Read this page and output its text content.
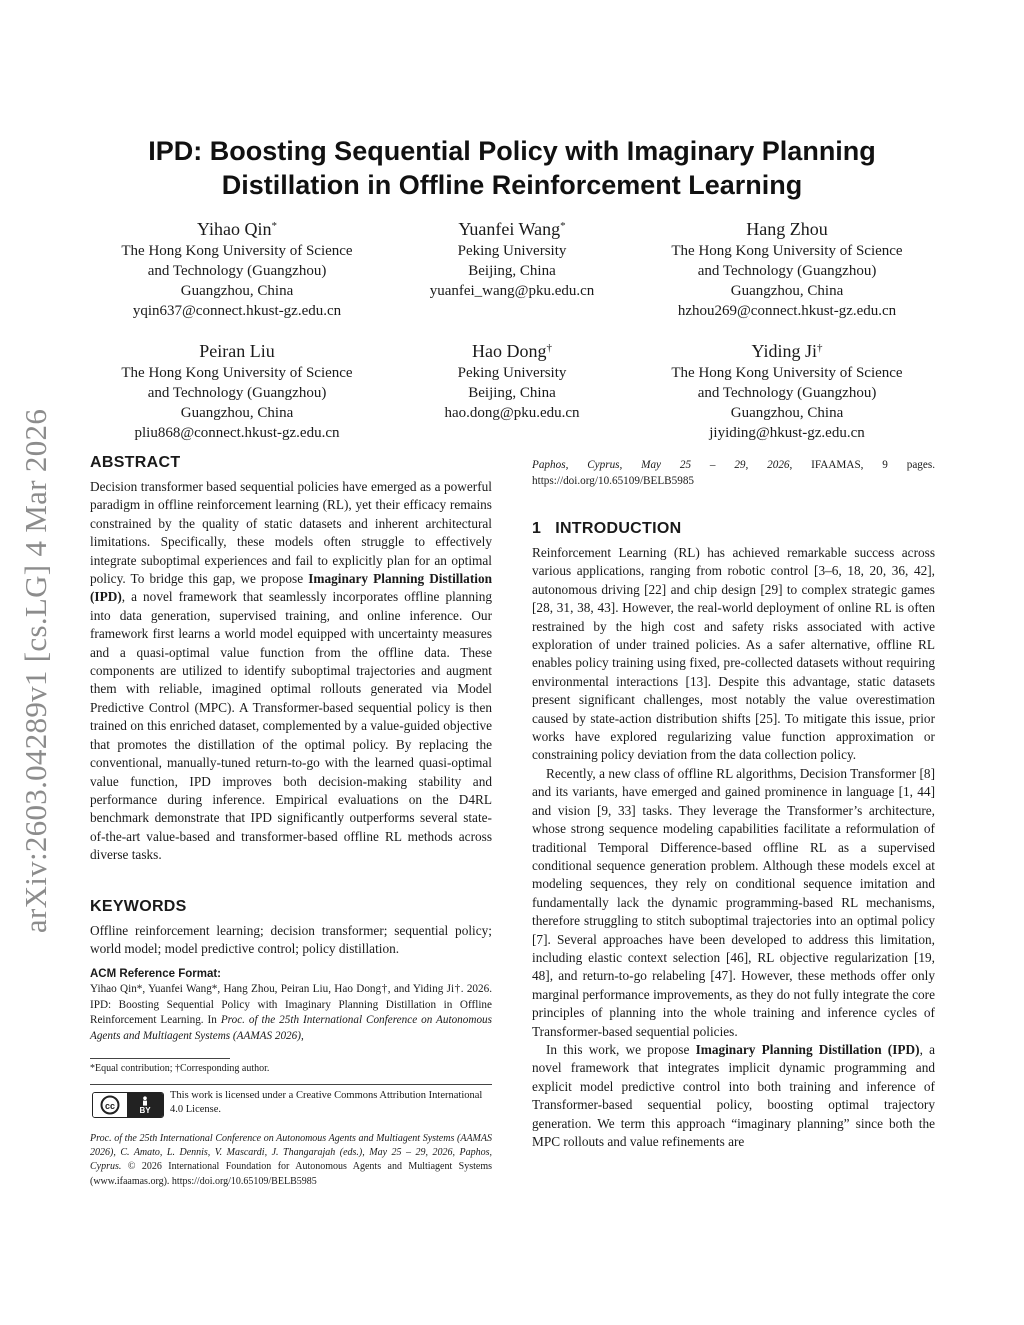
arXiv:2603.04289v1 [cs.LG] 4 Mar 2026
IPD: Boosting Sequential Policy with Imaginary Planning
Distillation in Offline Reinforcement Learning
Yihao Qin*
The Hong Kong University of Science
and Technology (Guangzhou)
Guangzhou, China
yqin637@connect.hkust-gz.edu.cn
Yuanfei Wang*
Peking University
Beijing, China
yuanfei_wang@pku.edu.cn
Hang Zhou
The Hong Kong University of Science
and Technology (Guangzhou)
Guangzhou, China
hzhou269@connect.hkust-gz.edu.cn
Peiran Liu
The Hong Kong University of Science
and Technology (Guangzhou)
Guangzhou, China
pliu868@connect.hkust-gz.edu.cn
Hao Dong†
Peking University
Beijing, China
hao.dong@pku.edu.cn
Yiding Ji†
The Hong Kong University of Science
and Technology (Guangzhou)
Guangzhou, China
jiyiding@hkust-gz.edu.cn
ABSTRACT

Decision transformer based sequential policies have emerged as a powerful paradigm in offline reinforcement learning (RL), yet their efficacy remains constrained by the quality of static datasets and inherent architectural limitations. Specifically, these models often struggle to effectively integrate suboptimal experiences and fail to explicitly plan for an optimal policy. To bridge this gap, we propose Imaginary Planning Distillation (IPD), a novel framework that seamlessly incorporates offline planning into data generation, supervised training, and online inference. Our framework first learns a world model equipped with uncertainty measures and a quasi-optimal value function from the offline data. These components are utilized to identify suboptimal trajectories and augment them with reliable, imagined optimal rollouts generated via Model Predictive Control (MPC). A Transformer-based sequential policy is then trained on this enriched dataset, complemented by a value-guided objective that promotes the distillation of the optimal policy. By replacing the conventional, manually-tuned return-to-go with the learned quasi-optimal value function, IPD improves both decision-making stability and performance during inference. Empirical evaluations on the D4RL benchmark demonstrate that IPD significantly outperforms several state-of-the-art value-based and transformer-based offline RL methods across diverse tasks.

KEYWORDS

Offline reinforcement learning; decision transformer; sequential policy; world model; model predictive control; policy distillation.

ACM Reference Format:

Yihao Qin*, Yuanfei Wang*, Hang Zhou, Peiran Liu, Hao Dong†, and Yiding Ji†. 2026. IPD: Boosting Sequential Policy with Imaginary Planning Distillation in Offline Reinforcement Learning. In Proc. of the 25th International Conference on Autonomous Agents and Multiagent Systems (AAMAS 2026),

*Equal contribution; †Corresponding author.

cc	BY
This work is licensed under a Creative Commons Attribution International 4.0 License.

Proc. of the 25th International Conference on Autonomous Agents and Multiagent Systems (AAMAS 2026), C. Amato, L. Dennis, V. Mascardi, J. Thangarajah (eds.), May 25 – 29, 2026, Paphos, Cyprus. © 2026 International Foundation for Autonomous Agents and Multiagent Systems (www.ifaamas.org). https://doi.org/10.65109/BELB5985

Paphos, Cyprus, May 25 – 29, 2026, IFAAMAS, 9 pages. https://doi.org/10.65109/BELB5985

1 INTRODUCTION

Reinforcement Learning (RL) has achieved remarkable success across various applications, ranging from robotic control [3–6, 18, 20, 36, 42], autonomous driving [22] and chip design [29] to complex strategic games [28, 31, 38, 43]. However, the real-world deployment of online RL is often restrained by the high cost and safety risks associated with active exploration of under trained policies. As a safer alternative, offline RL enables policy training using fixed, pre-collected datasets without requiring environmental interactions [13]. Despite this advantage, static datasets present significant challenges, most notably the value overestimation caused by state-action distribution shifts [25]. To mitigate this issue, prior works have explored regularizing value function approximation or constraining policy deviation from the data collection policy.

Recently, a new class of offline RL algorithms, Decision Transformer [8] and its variants, have emerged and gained prominence in language [1, 44] and vision [9, 33] tasks. They leverage the Transformer’s architecture, whose strong sequence modeling capabilities facilitate a reformulation of traditional Temporal Difference-based offline RL as a supervised conditional sequence generation problem. Although these models excel at modeling sequences, they rely on conditional sequence imitation and fundamentally lack the dynamic programming-based RL mechanisms, therefore struggling to stitch suboptimal trajectories into an optimal policy [7]. Several approaches have been developed to address this limitation, including elastic context selection [46], RL objective regularization [19, 48], and return-to-go relabeling [47]. However, these methods offer only marginal performance improvements, as they do not fully integrate the core principles of planning into the whole training and inference cycles of Transformer-based sequential policies.

In this work, we propose Imaginary Planning Distillation (IPD), a novel framework that integrates implicit dynamic programming and explicit model predictive control into both training and inference of Transformer-based sequential policy, boosting optimal trajectory generation. We term this approach “imaginary planning” since both the MPC rollouts and value refinements are
